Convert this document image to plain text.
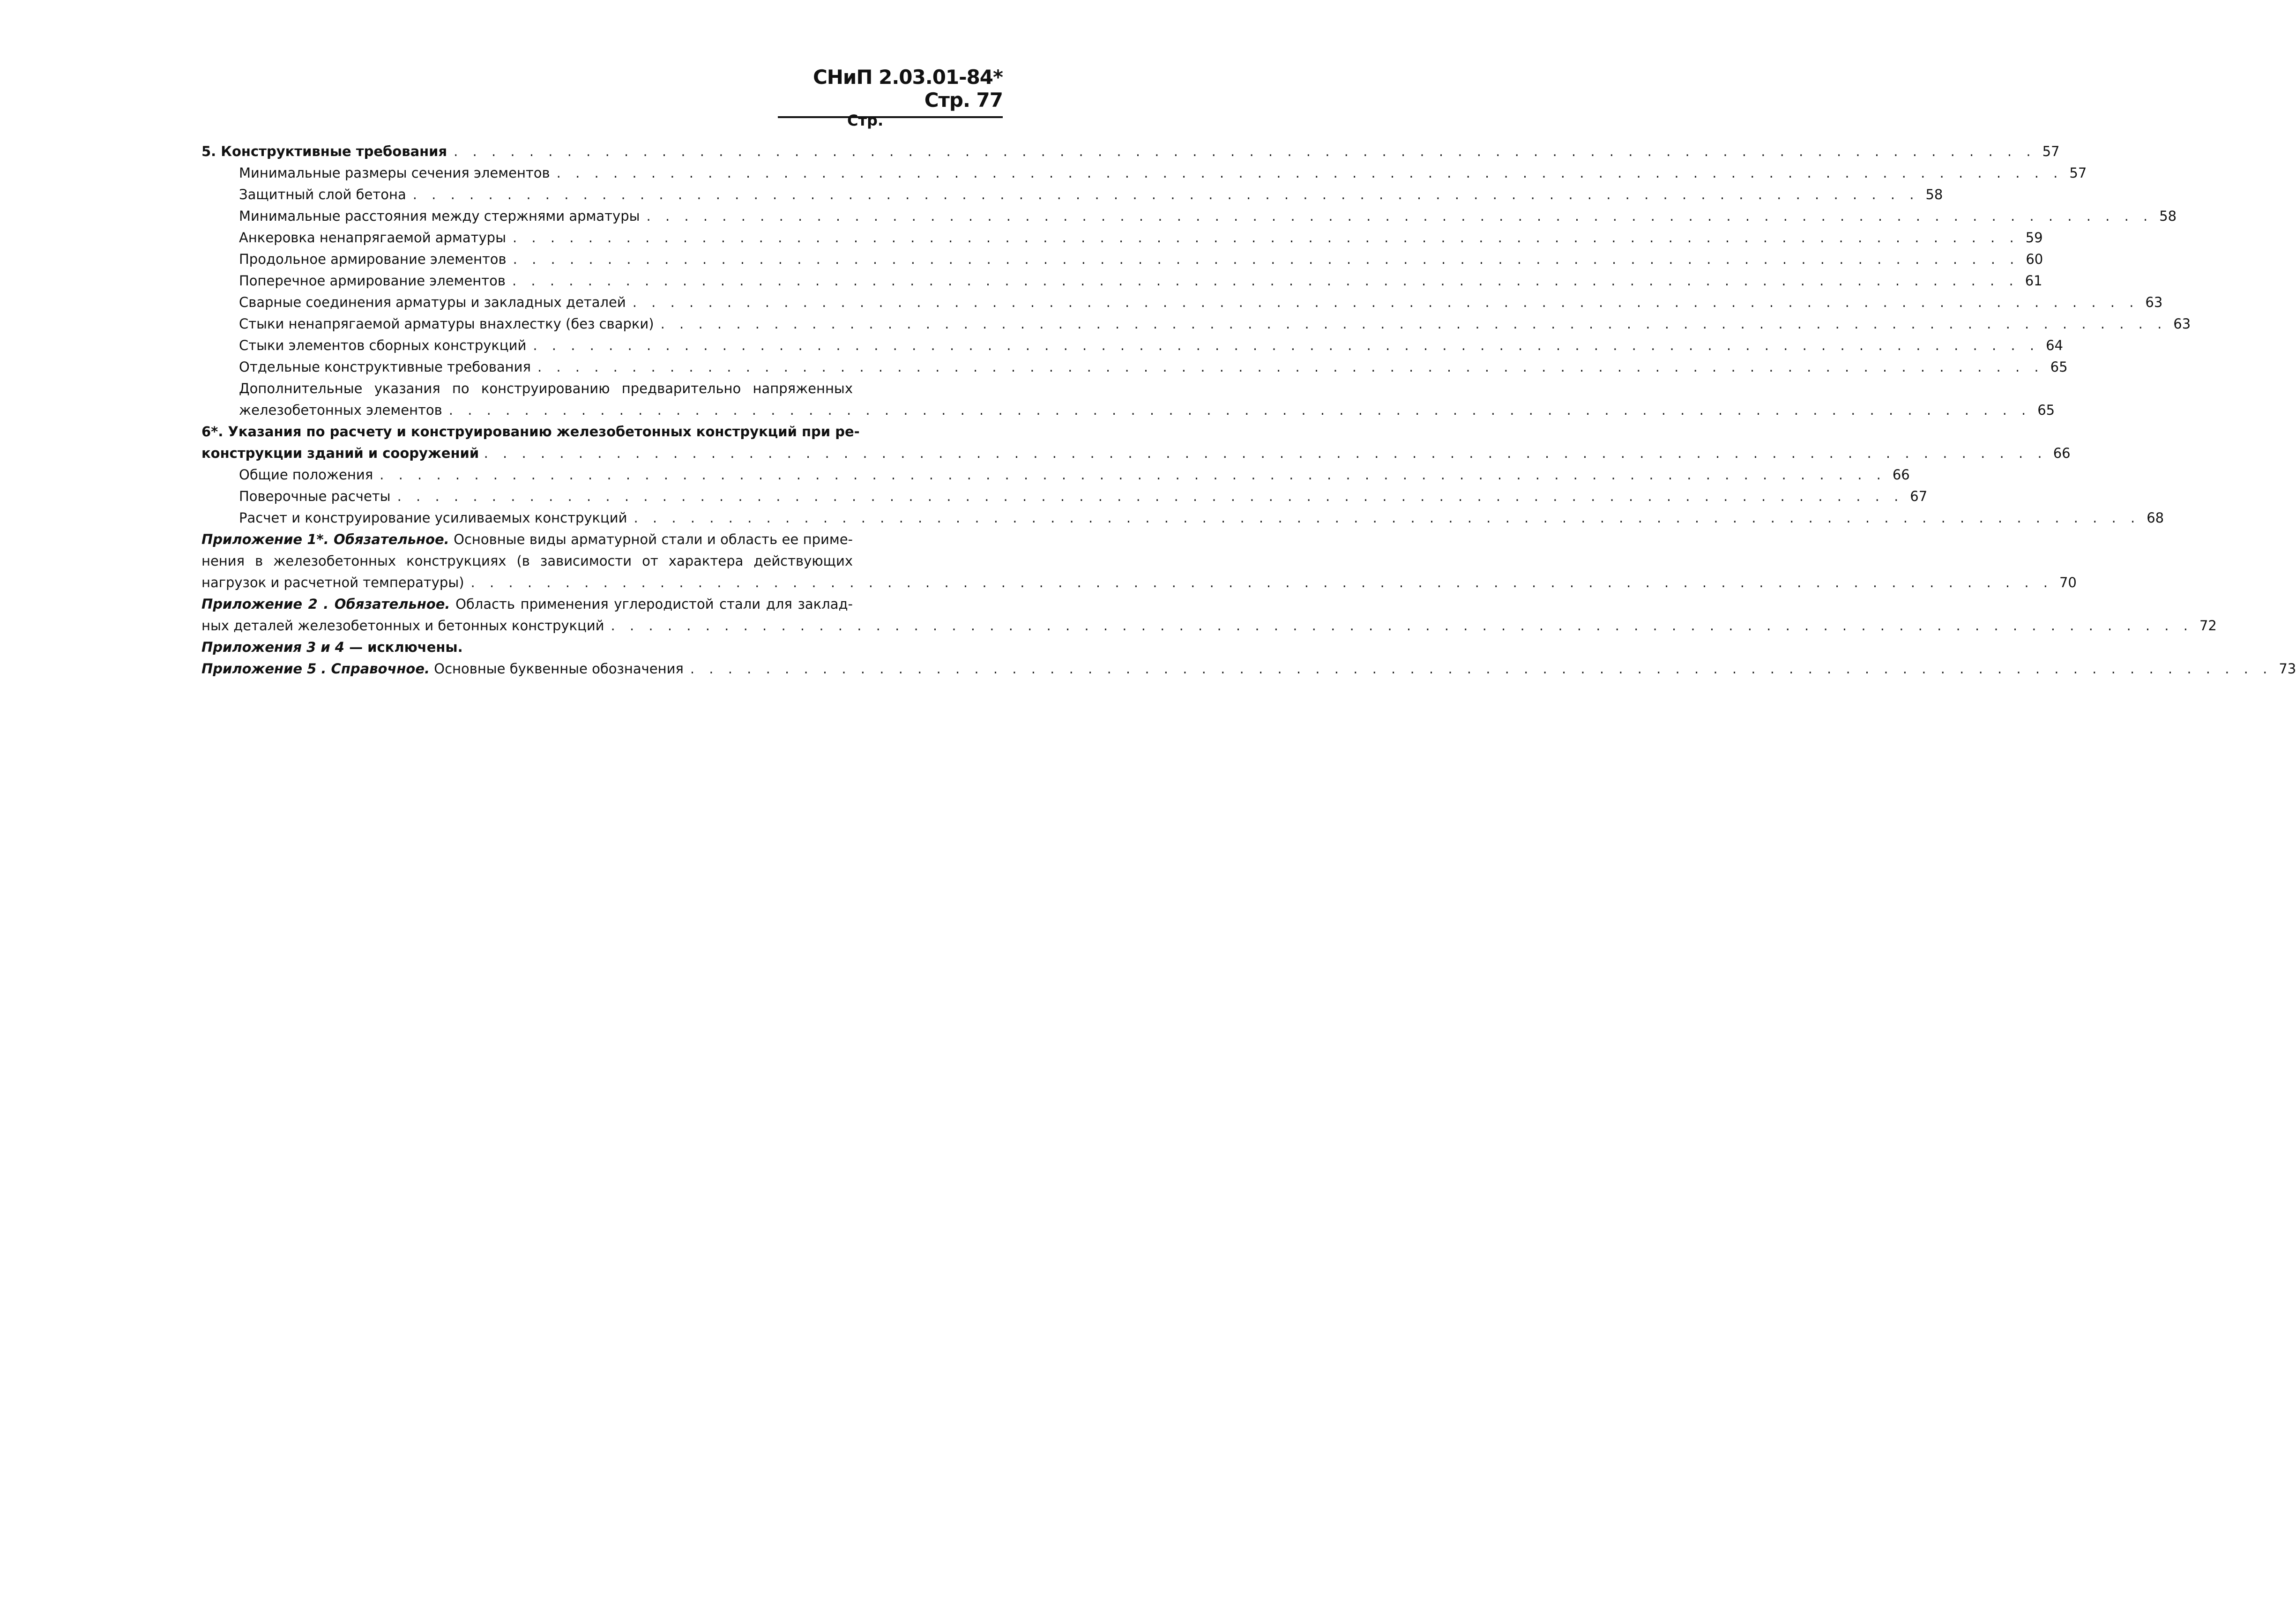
СНиП 2.03.01-84* Стр. 77
Стр.
5. Конструктивные требования . . . . . . . . . . . . . . . . . . . . . . . . . . . . . . . . . . . . . . . . . . . . . . . . . . . . . . . . . . . . . . . . . . . . . . . . . . . . . . . . . . . . 57
Минимальные размеры сечения элементов . . . . . . . . . . . . . . . . . . . . . . . . . . . . . . . . . . . . . . . . . . . . . . . . . . . . . . . . . . . . . . . . . . . . . . . . . . . . . . . . 57
Защитный слой бетона . . . . . . . . . . . . . . . . . . . . . . . . . . . . . . . . . . . . . . . . . . . . . . . . . . . . . . . . . . . . . . . . . . . . . . . . . . . . . . . . 58
Минимальные расстояния между стержнями арматуры . . . . . . . . . . . . . . . . . . . . . . . . . . . . . . . . . . . . . . . . . . . . . . . . . . . . . . . . . . . . . . . . . . . . . . . . . . . . . . . . 58
Анкеровка ненапрягаемой арматуры . . . . . . . . . . . . . . . . . . . . . . . . . . . . . . . . . . . . . . . . . . . . . . . . . . . . . . . . . . . . . . . . . . . . . . . . . . . . . . . . 59
Продольное армирование элементов . . . . . . . . . . . . . . . . . . . . . . . . . . . . . . . . . . . . . . . . . . . . . . . . . . . . . . . . . . . . . . . . . . . . . . . . . . . . . . . . 60
Поперечное армирование элементов . . . . . . . . . . . . . . . . . . . . . . . . . . . . . . . . . . . . . . . . . . . . . . . . . . . . . . . . . . . . . . . . . . . . . . . . . . . . . . . . 61
Сварные соединения арматуры и закладных деталей . . . . . . . . . . . . . . . . . . . . . . . . . . . . . . . . . . . . . . . . . . . . . . . . . . . . . . . . . . . . . . . . . . . . . . . . . . . . . . . . 63
Стыки ненапрягаемой арматуры внахлестку (без сварки) . . . . . . . . . . . . . . . . . . . . . . . . . . . . . . . . . . . . . . . . . . . . . . . . . . . . . . . . . . . . . . . . . . . . . . . . . . . . . . . . 63
Стыки элементов сборных конструкций . . . . . . . . . . . . . . . . . . . . . . . . . . . . . . . . . . . . . . . . . . . . . . . . . . . . . . . . . . . . . . . . . . . . . . . . . . . . . . . . 64
Отдельные конструктивные требования . . . . . . . . . . . . . . . . . . . . . . . . . . . . . . . . . . . . . . . . . . . . . . . . . . . . . . . . . . . . . . . . . . . . . . . . . . . . . . . . 65
Дополнительные указания по конструированию предварительно напряженных
железобетонных элементов . . . . . . . . . . . . . . . . . . . . . . . . . . . . . . . . . . . . . . . . . . . . . . . . . . . . . . . . . . . . . . . . . . . . . . . . . . . . . . . . . . . . 65
6*. Указания по расчету и конструированию железобетонных конструкций при ре-
конструкции зданий и сооружений
. . . . . . . . . . . . . . . . . . . . . . . . . . . . . . . . . . . . . . . . . . . . . . . . . . . . . . . . . . . . . . . . . . . . . . . . . . . . . . . . . . . . 66
Общие положения . . . . . . . . . . . . . . . . . . . . . . . . . . . . . . . . . . . . . . . . . . . . . . . . . . . . . . . . . . . . . . . . . . . . . . . . . . . . . . . . 66
Поверочные расчеты . . . . . . . . . . . . . . . . . . . . . . . . . . . . . . . . . . . . . . . . . . . . . . . . . . . . . . . . . . . . . . . . . . . . . . . . . . . . . . . . 67
Расчет и конструирование усиливаемых конструкций . . . . . . . . . . . . . . . . . . . . . . . . . . . . . . . . . . . . . . . . . . . . . . . . . . . . . . . . . . . . . . . . . . . . . . . . . . . . . . . . 68
Приложение 1*. Обязательное. Основные виды арматурной стали и область ее приме-
нения в железобетонных конструкциях (в зависимости от характера действующих
нагрузок и расчетной температуры) . . . . . . . . . . . . . . . . . . . . . . . . . . . . . . . . . . . . . . . . . . . . . . . . . . . . . . . . . . . . . . . . . . . . . . . . . . . . . . . . . . . . 70
Приложение 2 . Обязательное. Область применения углеродистой стали для заклад-
ных деталей железобетонных и бетонных конструкций . . . . . . . . . . . . . . . . . . . . . . . . . . . . . . . . . . . . . . . . . . . . . . . . . . . . . . . . . . . . . . . . . . . . . . . . . . . . . . . . . . . . 72
Приложения 3 и 4 — исключены.
Приложение 5 . Справочное. Основные буквенные обозначения . . . . . . . . . . . . . . . . . . . . . . . . . . . . . . . . . . . . . . . . . . . . . . . . . . . . . . . . . . . . . . . . . . . . . . . . . . . . . . . . . . . . 73
